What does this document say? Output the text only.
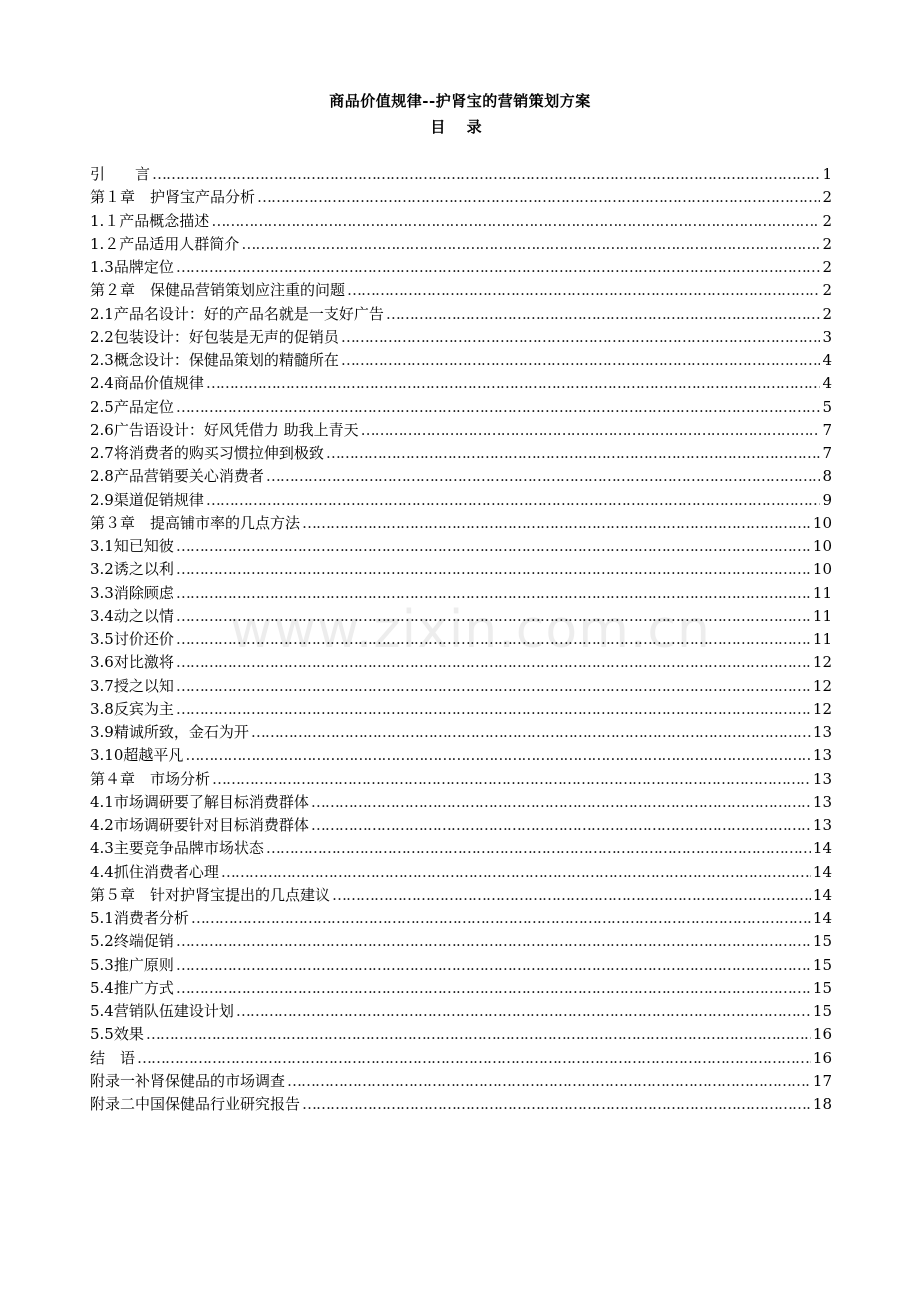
商品价值规律--护肾宝的营销策划方案
目 录
www.zixin.com.cn
引　　言 ……………………………………………………………………………………………………………………………………………………………………………………	1
第１章　护肾宝产品分析 ……………………………………………………………………………………………………………………………………………………………………………………	2
1.１产品概念描述 ……………………………………………………………………………………………………………………………………………………………………………………	2
1.２产品适用人群简介 ……………………………………………………………………………………………………………………………………………………………………………………	2
1.3品牌定位 ……………………………………………………………………………………………………………………………………………………………………………………	2
第２章　保健品营销策划应注重的问题 ……………………………………………………………………………………………………………………………………………………………………………………	2
2.1产品名设计：好的产品名就是一支好广告 ……………………………………………………………………………………………………………………………………………………………………………………	2
2.2包装设计：好包装是无声的促销员 ……………………………………………………………………………………………………………………………………………………………………………………	3
2.3概念设计：保健品策划的精髓所在 ……………………………………………………………………………………………………………………………………………………………………………………	4
2.4商品价值规律 ……………………………………………………………………………………………………………………………………………………………………………………	4
2.5产品定位 ……………………………………………………………………………………………………………………………………………………………………………………	5
2.6广告语设计：好风凭借力 助我上青天 ……………………………………………………………………………………………………………………………………………………………………………………	7
2.7将消费者的购买习惯拉伸到极致 ……………………………………………………………………………………………………………………………………………………………………………………	7
2.8产品营销要关心消费者 ……………………………………………………………………………………………………………………………………………………………………………………	8
2.9渠道促销规律 ……………………………………………………………………………………………………………………………………………………………………………………	9
第３章　提高铺市率的几点方法 ……………………………………………………………………………………………………………………………………………………………………………………	10
3.1知已知彼 ……………………………………………………………………………………………………………………………………………………………………………………	10
3.2诱之以利 ……………………………………………………………………………………………………………………………………………………………………………………	10
3.3消除顾虑 ……………………………………………………………………………………………………………………………………………………………………………………	11
3.4动之以情 ……………………………………………………………………………………………………………………………………………………………………………………	11
3.5讨价还价 ……………………………………………………………………………………………………………………………………………………………………………………	11
3.6对比激将 ……………………………………………………………………………………………………………………………………………………………………………………	12
3.7授之以知 ……………………………………………………………………………………………………………………………………………………………………………………	12
3.8反宾为主 ……………………………………………………………………………………………………………………………………………………………………………………	12
3.9精诚所致，金石为开 ……………………………………………………………………………………………………………………………………………………………………………………	13
3.10超越平凡 ……………………………………………………………………………………………………………………………………………………………………………………	13
第４章　市场分析 ……………………………………………………………………………………………………………………………………………………………………………………	13
4.1市场调研要了解目标消费群体 ……………………………………………………………………………………………………………………………………………………………………………………	13
4.2市场调研要针对目标消费群体 ……………………………………………………………………………………………………………………………………………………………………………………	13
4.3主要竞争品牌市场状态 ……………………………………………………………………………………………………………………………………………………………………………………	14
4.4抓住消费者心理 ……………………………………………………………………………………………………………………………………………………………………………………	14
第５章　针对护肾宝提出的几点建议 ……………………………………………………………………………………………………………………………………………………………………………………	14
5.1消费者分析 ……………………………………………………………………………………………………………………………………………………………………………………	14
5.2终端促销 ……………………………………………………………………………………………………………………………………………………………………………………	15
5.3推广原则 ……………………………………………………………………………………………………………………………………………………………………………………	15
5.4推广方式 ……………………………………………………………………………………………………………………………………………………………………………………	15
5.4营销队伍建设计划 ……………………………………………………………………………………………………………………………………………………………………………………	15
5.5效果 ……………………………………………………………………………………………………………………………………………………………………………………	16
结　语 ……………………………………………………………………………………………………………………………………………………………………………………	16
附录一补肾保健品的市场调查 ……………………………………………………………………………………………………………………………………………………………………………………	17
附录二中国保健品行业研究报告 ……………………………………………………………………………………………………………………………………………………………………………………	18
